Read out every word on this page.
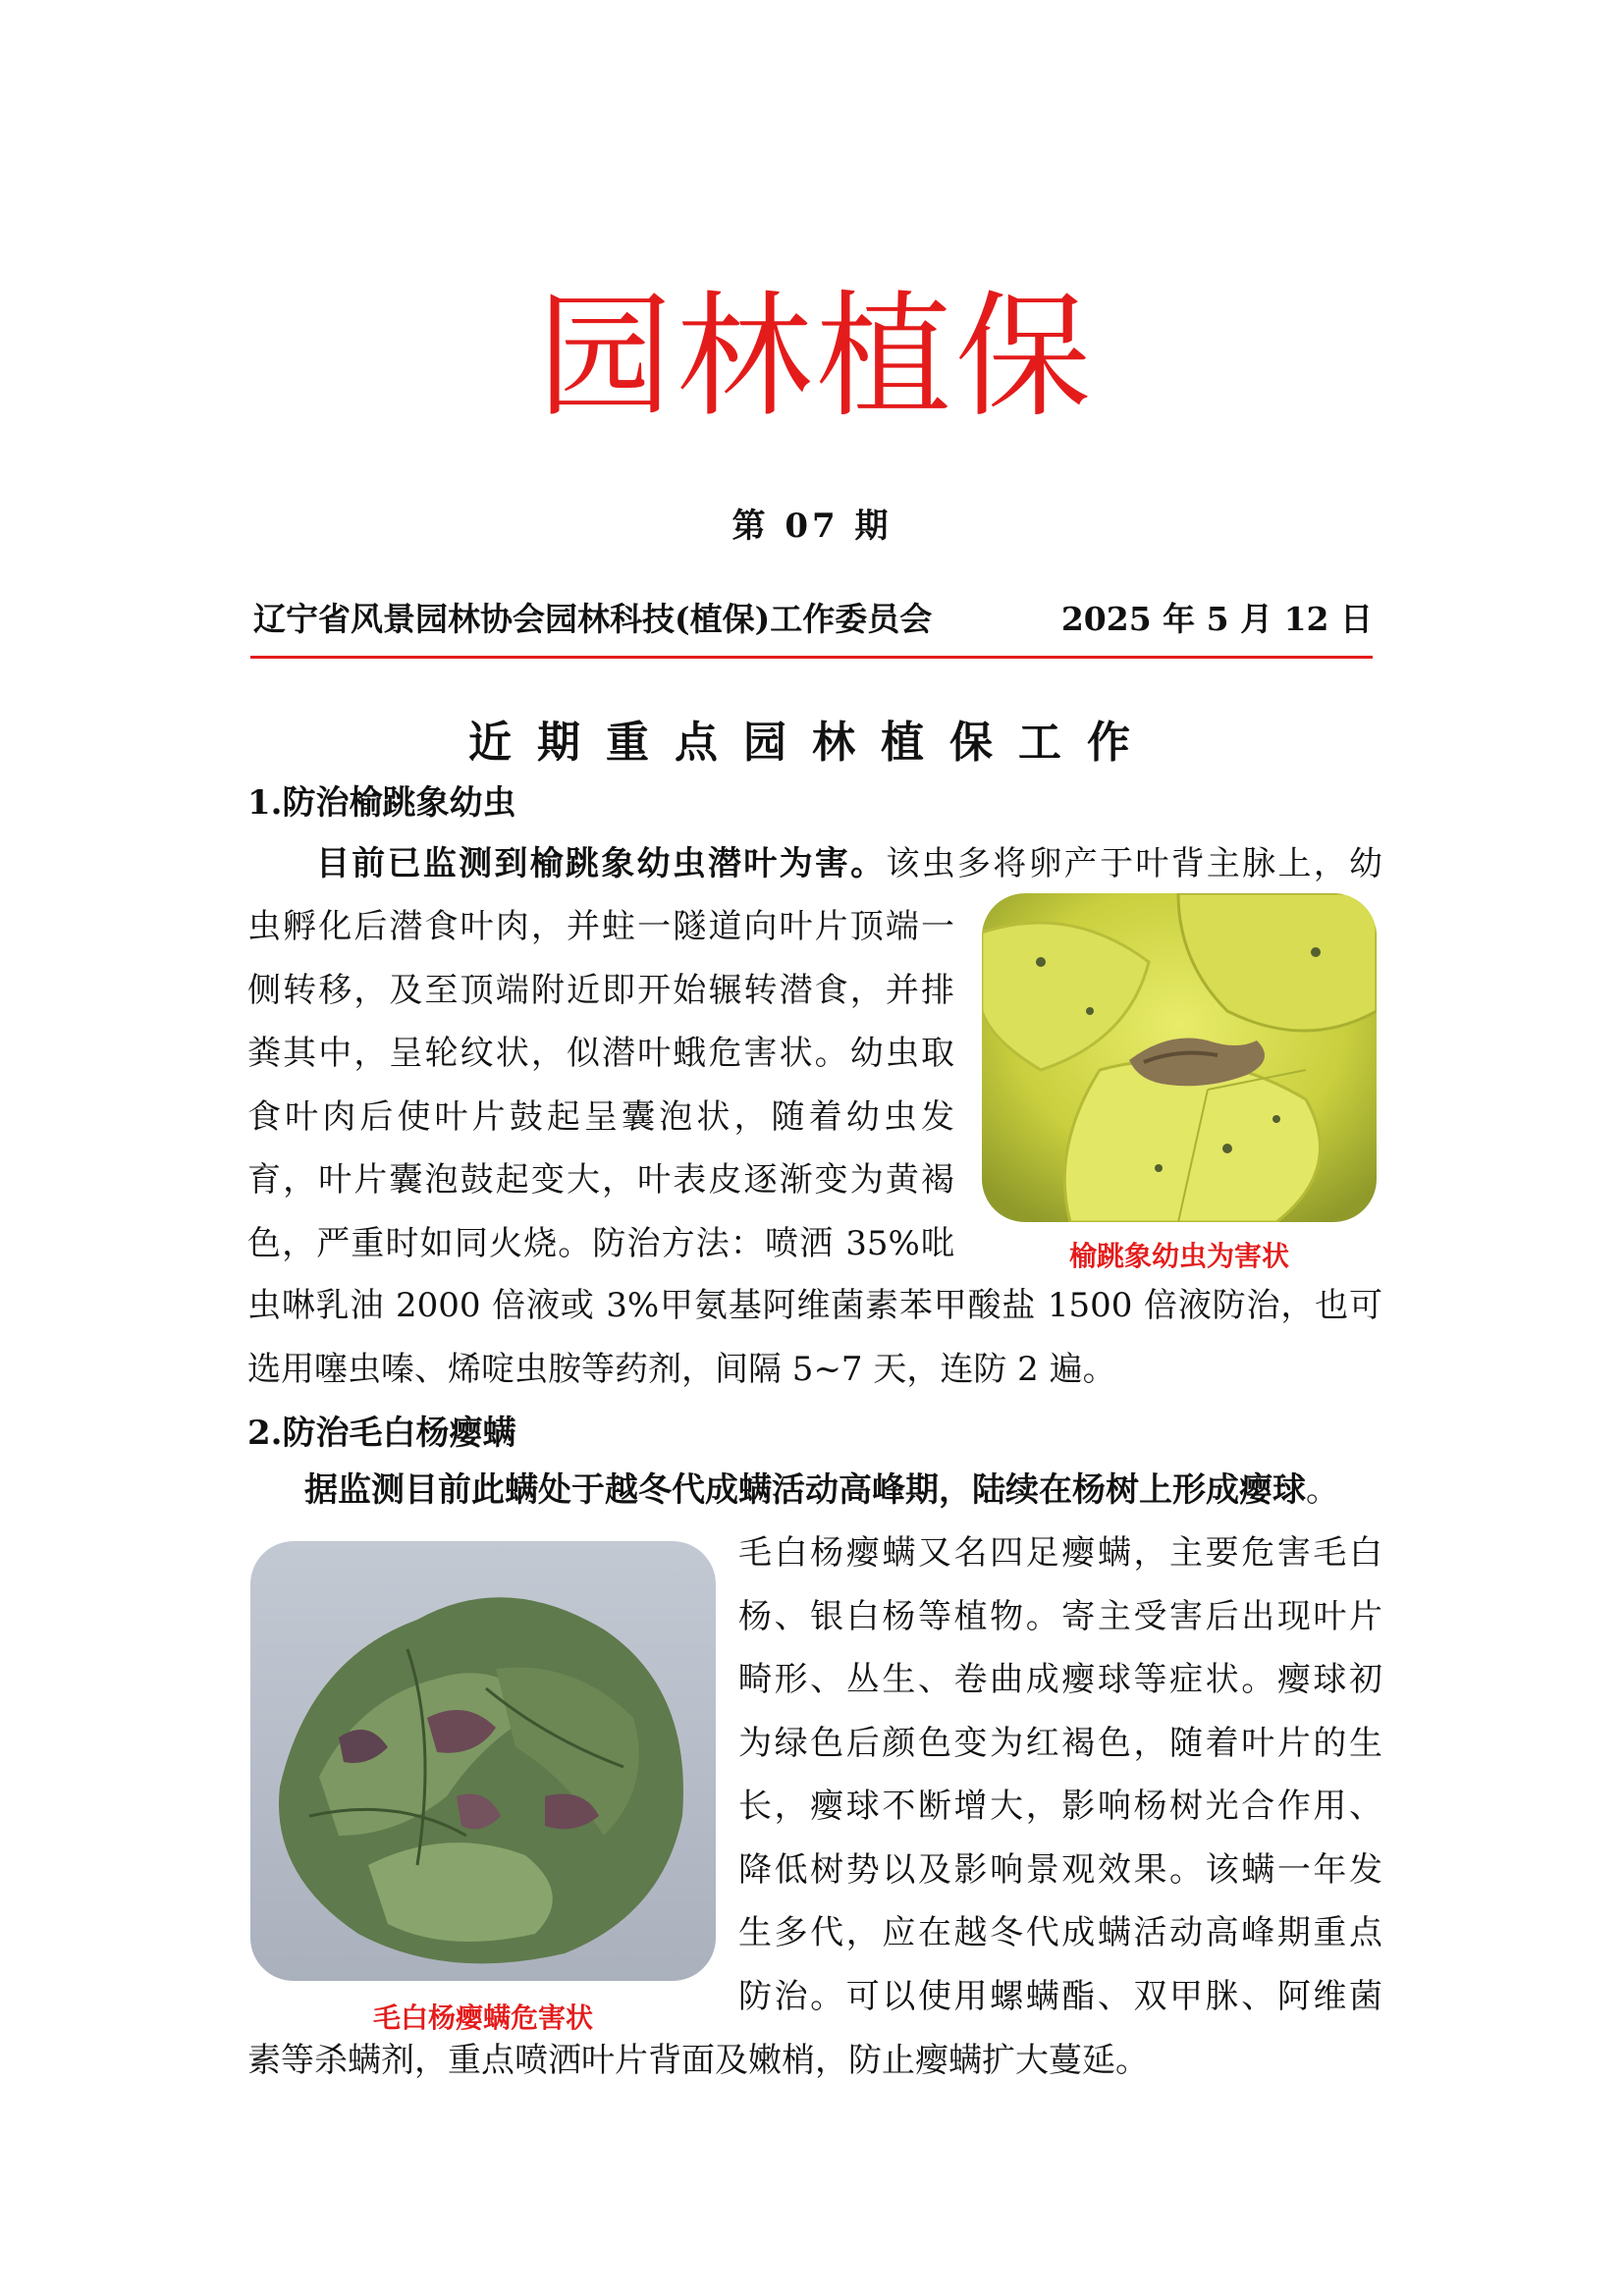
园林植保
第 07 期
辽宁省风景园林协会园林科技(植保)工作委员会	2025 年 5 月 12 日
近期重点园林植保工作
1.防治榆跳象幼虫
目前已监测到榆跳象幼虫潜叶为害。该虫多将卵产于叶背主脉上，幼
虫孵化后潜食叶肉，并蛀一隧道向叶片顶端一
侧转移，及至顶端附近即开始辗转潜食，并排
粪其中，呈轮纹状，似潜叶蛾危害状。幼虫取
食叶肉后使叶片鼓起呈囊泡状，随着幼虫发
育，叶片囊泡鼓起变大，叶表皮逐渐变为黄褐
色，严重时如同火烧。防治方法：喷洒 35%吡	榆跳象幼虫为害状
虫啉乳油 2000 倍液或 3%甲氨基阿维菌素苯甲酸盐 1500 倍液防治，也可
选用噻虫嗪、烯啶虫胺等药剂，间隔 5~7 天，连防 2 遍。
2.防治毛白杨瘿螨
据监测目前此螨处于越冬代成螨活动高峰期，陆续在杨树上形成瘿球。
毛白杨瘿螨危害状
毛白杨瘿螨又名四足瘿螨，主要危害毛白
杨、银白杨等植物。寄主受害后出现叶片
畸形、丛生、卷曲成瘿球等症状。瘿球初
为绿色后颜色变为红褐色，随着叶片的生
长，瘿球不断增大，影响杨树光合作用、
降低树势以及影响景观效果。该螨一年发
生多代，应在越冬代成螨活动高峰期重点
防治。可以使用螺螨酯、双甲脒、阿维菌
素等杀螨剂，重点喷洒叶片背面及嫩梢，防止瘿螨扩大蔓延。
